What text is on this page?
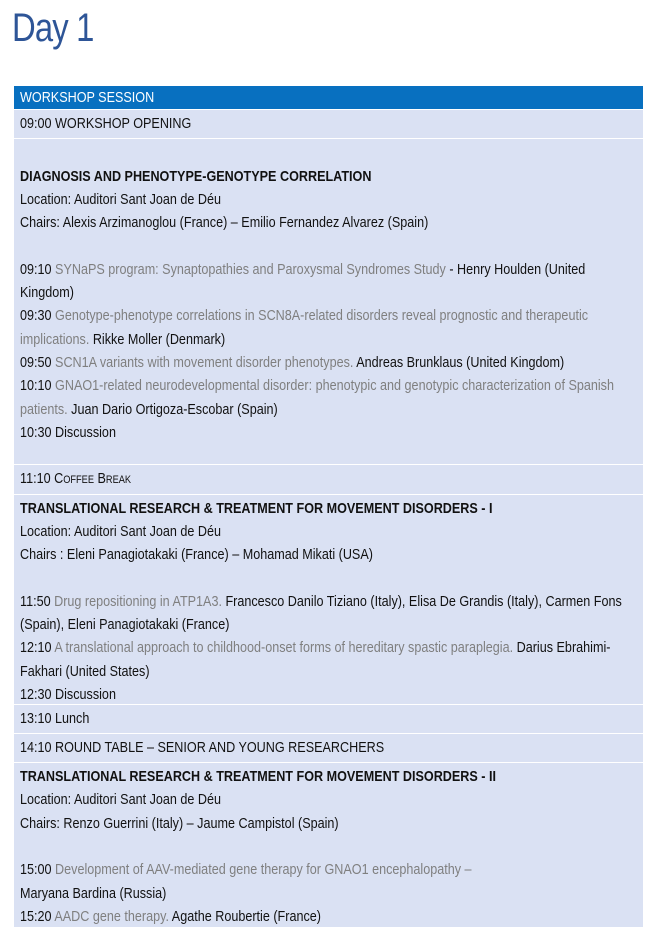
Day 1
WORKSHOP SESSION
09:00 WORKSHOP OPENING
DIAGNOSIS AND PHENOTYPE-GENOTYPE CORRELATION
Location: Auditori Sant Joan de Déu
Chairs: Alexis Arzimanoglou (France) – Emilio Fernandez Alvarez (Spain)
09:10 SYNaPS program: Synaptopathies and Paroxysmal Syndromes Study - Henry Houlden (United
Kingdom)
09:30 Genotype-phenotype correlations in SCN8A-related disorders reveal prognostic and therapeutic
implications. Rikke Moller (Denmark)
09:50 SCN1A variants with movement disorder phenotypes. Andreas Brunklaus (United Kingdom)
10:10 GNAO1-related neurodevelopmental disorder: phenotypic and genotypic characterization of Spanish
patients. Juan Dario Ortigoza-Escobar (Spain)
10:30 Discussion
11:10 Coffee Break
TRANSLATIONAL RESEARCH & TREATMENT FOR MOVEMENT DISORDERS - I
Location: Auditori Sant Joan de Déu
Chairs : Eleni Panagiotakaki (France) – Mohamad Mikati (USA)
11:50 Drug repositioning in ATP1A3. Francesco Danilo Tiziano (Italy), Elisa De Grandis (Italy), Carmen Fons
(Spain), Eleni Panagiotakaki (France)
12:10 A translational approach to childhood-onset forms of hereditary spastic paraplegia. Darius Ebrahimi-
Fakhari (United States)
12:30 Discussion
13:10 Lunch
14:10 ROUND TABLE – SENIOR AND YOUNG RESEARCHERS
TRANSLATIONAL RESEARCH & TREATMENT FOR MOVEMENT DISORDERS - II
Location: Auditori Sant Joan de Déu
Chairs: Renzo Guerrini (Italy) – Jaume Campistol (Spain)
15:00 Development of AAV-mediated gene therapy for GNAO1 encephalopathy –
Maryana Bardina (Russia)
15:20 AADC gene therapy. Agathe Roubertie (France)
